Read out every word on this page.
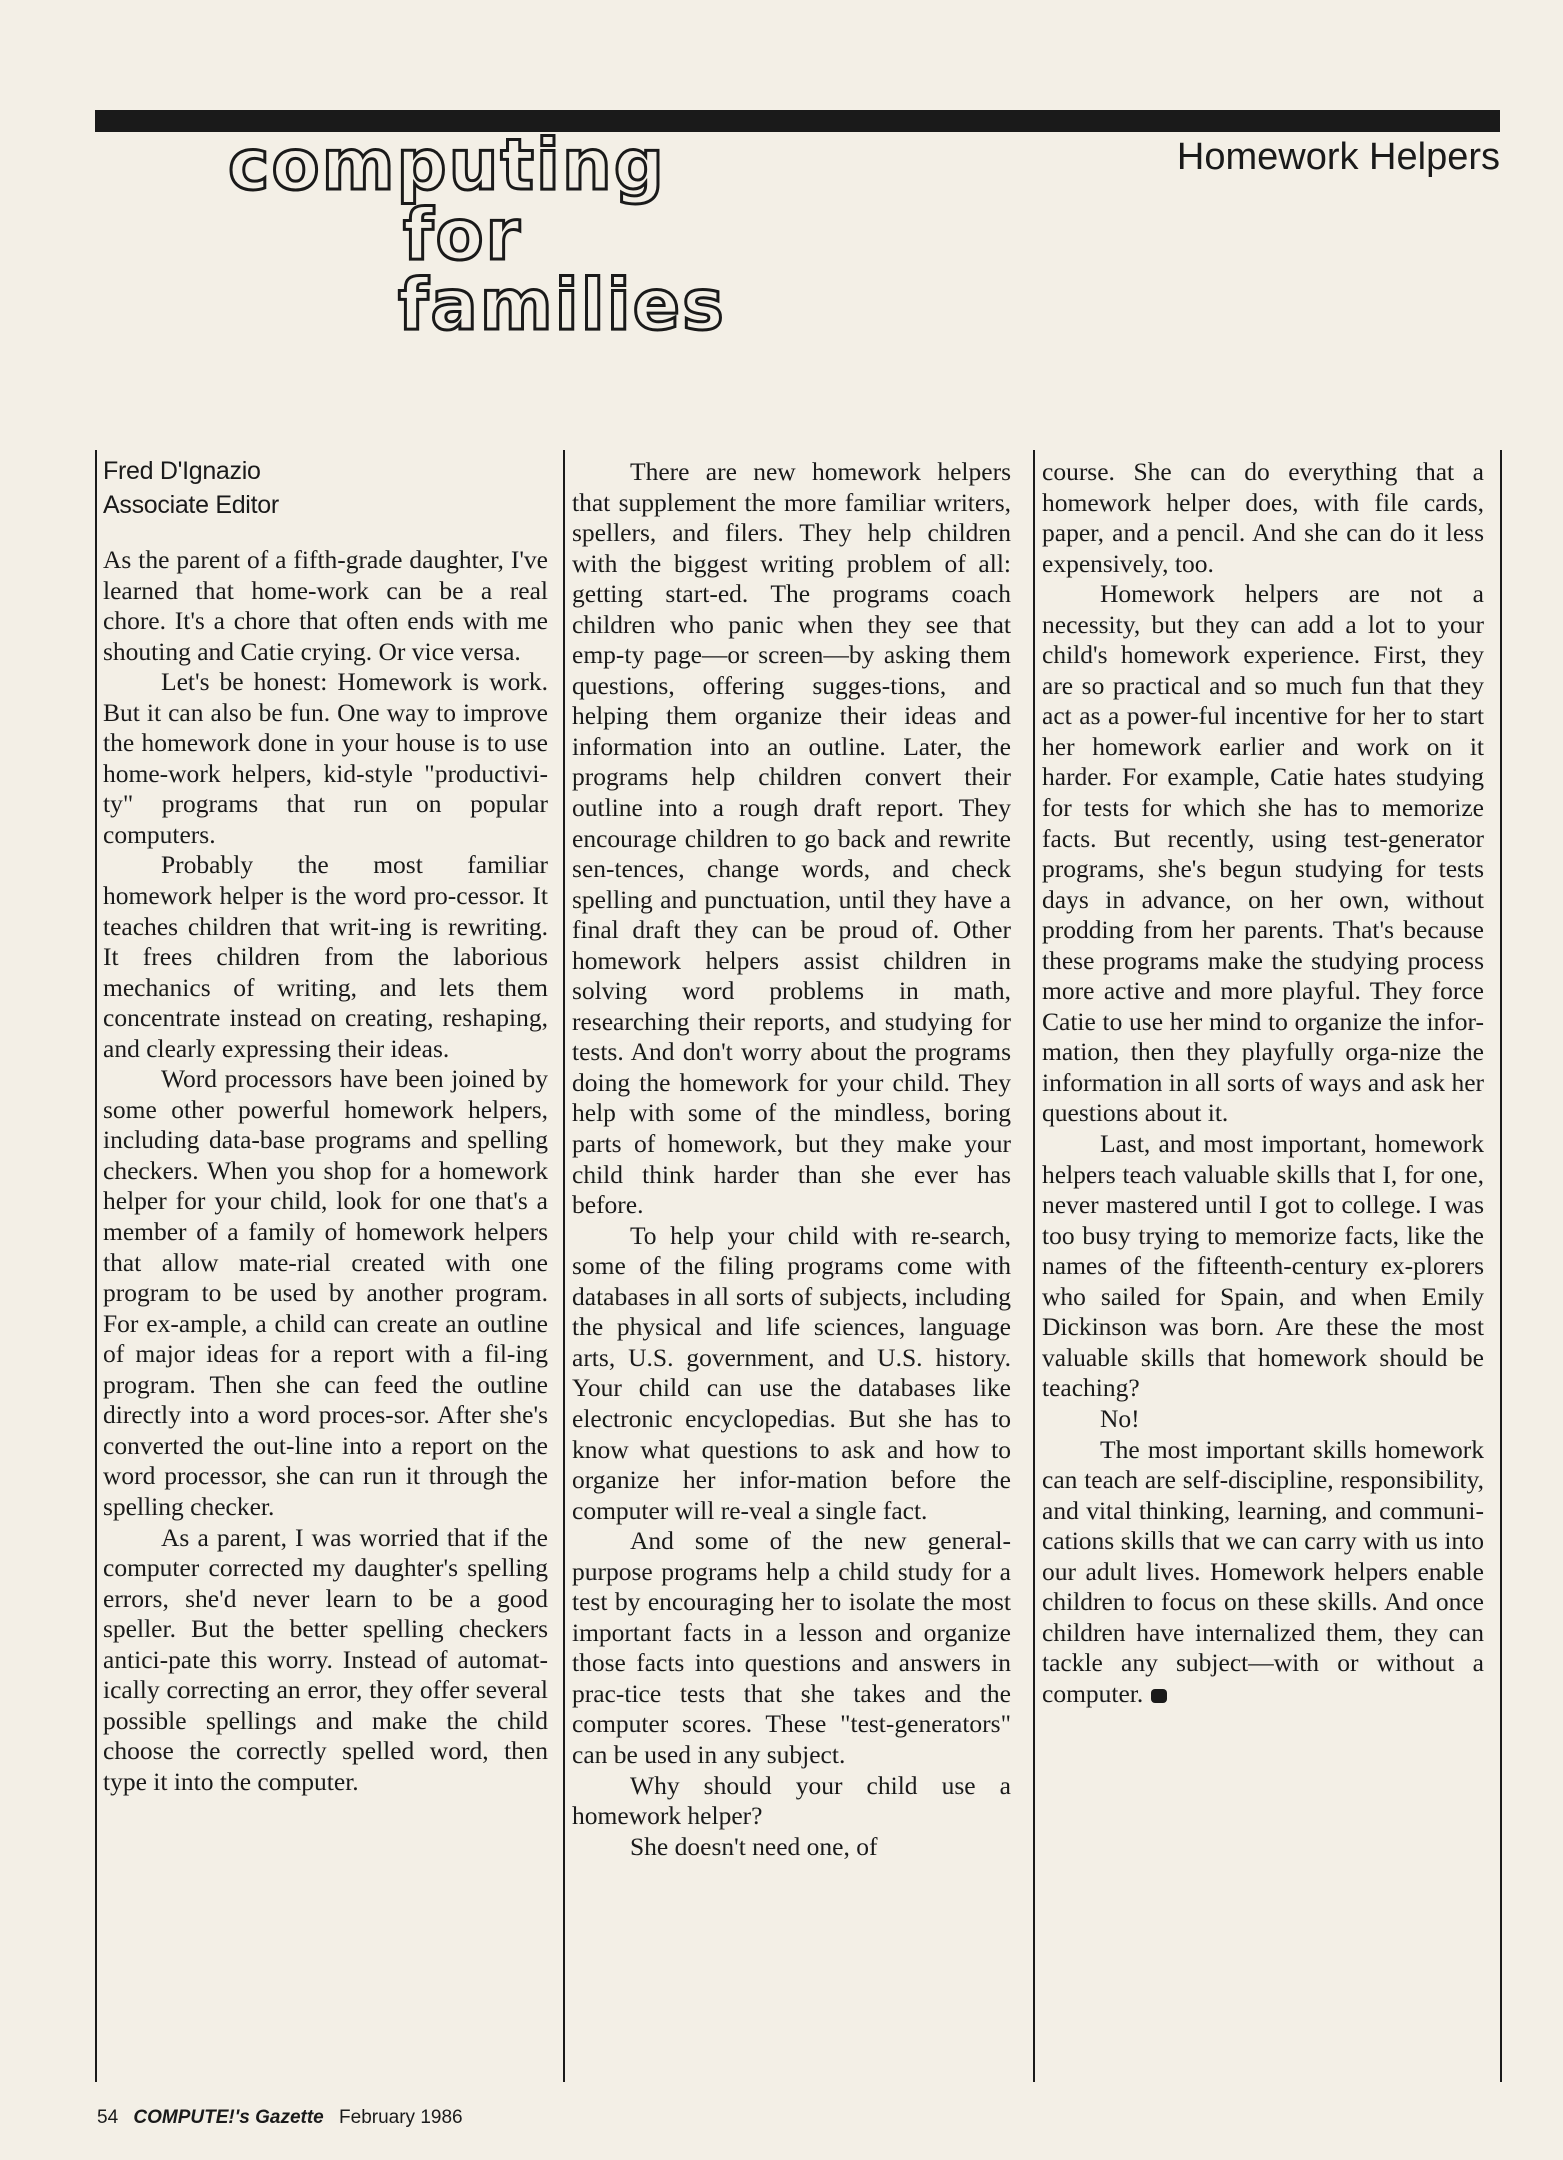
computing
for
families
Homework Helpers
Fred D'Ignazio
Associate Editor

As the parent of a fifth-grade daughter, I've learned that home-work can be a real chore. It's a chore that often ends with me shouting and Catie crying. Or vice versa.

Let's be honest: Homework is work. But it can also be fun. One way to improve the homework done in your house is to use home-work helpers, kid-style "productivi-ty" programs that run on popular computers.

Probably the most familiar homework helper is the word pro-cessor. It teaches children that writ-ing is rewriting. It frees children from the laborious mechanics of writing, and lets them concentrate instead on creating, reshaping, and clearly expressing their ideas.

Word processors have been joined by some other powerful homework helpers, including data-base programs and spelling checkers. When you shop for a homework helper for your child, look for one that's a member of a family of homework helpers that allow mate-rial created with one program to be used by another program. For ex-ample, a child can create an outline of major ideas for a report with a fil-ing program. Then she can feed the outline directly into a word proces-sor. After she's converted the out-line into a report on the word processor, she can run it through the spelling checker.

As a parent, I was worried that if the computer corrected my daughter's spelling errors, she'd never learn to be a good speller. But the better spelling checkers antici-pate this worry. Instead of automat-ically correcting an error, they offer several possible spellings and make the child choose the correctly spelled word, then type it into the computer.

There are new homework helpers that supplement the more familiar writers, spellers, and filers. They help children with the biggest writing problem of all: getting start-ed. The programs coach children who panic when they see that emp-ty page—or screen—by asking them questions, offering sugges-tions, and helping them organize their ideas and information into an outline. Later, the programs help children convert their outline into a rough draft report. They encourage children to go back and rewrite sen-tences, change words, and check spelling and punctuation, until they have a final draft they can be proud of. Other homework helpers assist children in solving word problems in math, researching their reports, and studying for tests. And don't worry about the programs doing the homework for your child. They help with some of the mindless, boring parts of homework, but they make your child think harder than she ever has before.

To help your child with re-search, some of the filing programs come with databases in all sorts of subjects, including the physical and life sciences, language arts, U.S. government, and U.S. history. Your child can use the databases like electronic encyclopedias. But she has to know what questions to ask and how to organize her infor-mation before the computer will re-veal a single fact.

And some of the new general-purpose programs help a child study for a test by encouraging her to isolate the most important facts in a lesson and organize those facts into questions and answers in prac-tice tests that she takes and the computer scores. These "test-generators" can be used in any subject.

Why should your child use a homework helper?

She doesn't need one, of

course. She can do everything that a homework helper does, with file cards, paper, and a pencil. And she can do it less expensively, too.

Homework helpers are not a necessity, but they can add a lot to your child's homework experience. First, they are so practical and so much fun that they act as a power-ful incentive for her to start her homework earlier and work on it harder. For example, Catie hates studying for tests for which she has to memorize facts. But recently, using test-generator programs, she's begun studying for tests days in advance, on her own, without prodding from her parents. That's because these programs make the studying process more active and more playful. They force Catie to use her mind to organize the infor-mation, then they playfully orga-nize the information in all sorts of ways and ask her questions about it.

Last, and most important, homework helpers teach valuable skills that I, for one, never mastered until I got to college. I was too busy trying to memorize facts, like the names of the fifteenth-century ex-plorers who sailed for Spain, and when Emily Dickinson was born. Are these the most valuable skills that homework should be teaching?

No!

The most important skills homework can teach are self-discipline, responsibility, and vital thinking, learning, and communi-cations skills that we can carry with us into our adult lives. Homework helpers enable children to focus on these skills. And once children have internalized them, they can tackle any subject—with or without a computer.

54 COMPUTE!'s Gazette February 1986
